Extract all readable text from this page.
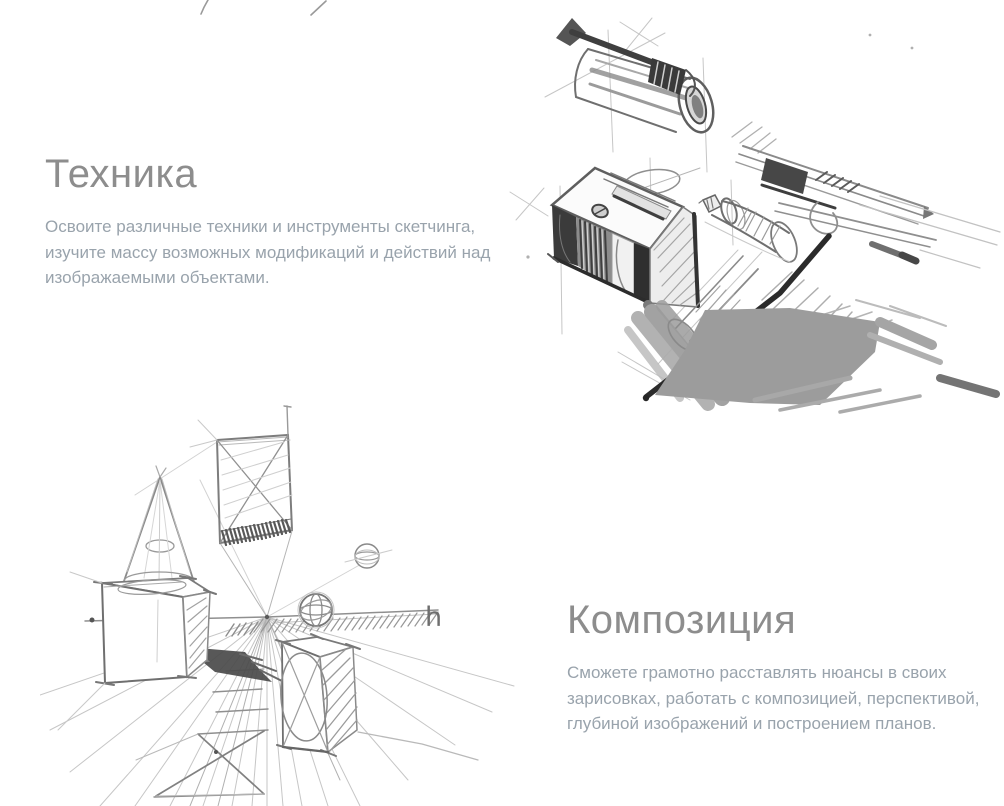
Техника

Освоите различные техники и инструменты скетчинга,
изучите массу возможных модификаций и действий над
изображаемыми объектами.

h	Композиция

Сможете грамотно расставлять нюансы в своих
зарисовках, работать с композицией, перспективой,
глубиной изображений и построением планов.
